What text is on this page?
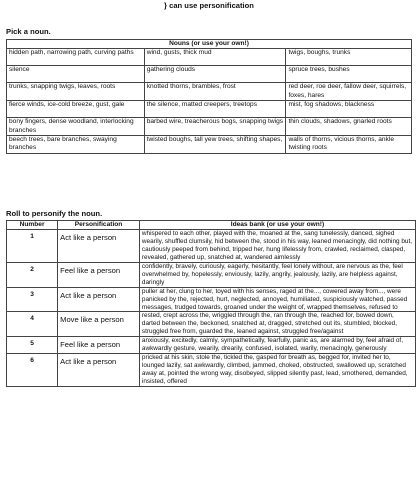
} can use personification
Pick a noun.
Nouns (or use your own!)		
hidden path, narrowing path, curving paths	wind, gusts, thick mud	twigs, boughs, trunks
silence	gathering clouds	spruce trees, bushes
trunks, snapping twigs, leaves, roots	knotted thorns, brambles, frost	red deer, roe deer, fallow deer, squirrels, foxes, hares
fierce winds, ice-cold breeze, gust, gale	the silence, matted creepers, treetops	mist, fog shadows, blackness
bony fingers, dense woodland, interlocking branches	barbed wire, treacherous bogs, snapping twigs	thin clouds, shadows, gnarled roots
beech trees, bare branches, swaying branches	twisted boughs, tall yew trees, shifting shapes,	walls of thorns, vicious thorns, ankle twisting roots
Roll to personify the noun.
Number	Personification	Ideas bank (or use your own!)
1	Act like a person	whispered to each other, played with the, moaned at the, sang tunelessly, danced, sighed wearily, shuffled clumsily, hid between the, stood in his way, leaned menacingly, did nothing but, cautiously peeped from behind, tripped her, hung lifelessly from, crawled, reclaimed, clasped, revealed, gathered up, snatched at, wandered aimlessly
2	Feel like a person	confidently, bravely, curiously, eagerly, hesitantly, feel lonely without, are nervous as the, feel overwhelmed by, hopelessly, enviously, lazily, angrily, jealously, lazily, are helpless against, daringly
3	Act like a person	puller at her, clung to her, toyed with his senses, raged at the..., cowered away from..., were panicked by the, rejected, hurt, neglected, annoyed, humiliated, suspiciously watched, passed messages, trudged towards, groaned under the weight of, wrapped themselves, refused to
4	Move like a person	rested, crept across the, wriggled through the, ran through the, reached for, bowed down, darted between the, beckoned, snatched at, dragged, stretched out its, stumbled, blocked, struggled free from, guarded the, leaned against, struggled free/against
5	Feel like a person	anxiously, excitedly, calmly, sympathetically, fearfully, panic as, are alarmed by, feel afraid of, awkwardly gesture, wearily, drearily, confused, isolated, warily, menacingly, generously
6	Act like a person	pricked at his skin, stole the, tickled the, gasped for breath as, begged for, invited her to, lounged lazily, sat awkwardly, climbed, jammed, choked, obstructed, swallowed up, scratched away at, pointed the wrong way, disobeyed, slipped silently past, lead, smothered, demanded, insisted, offered
